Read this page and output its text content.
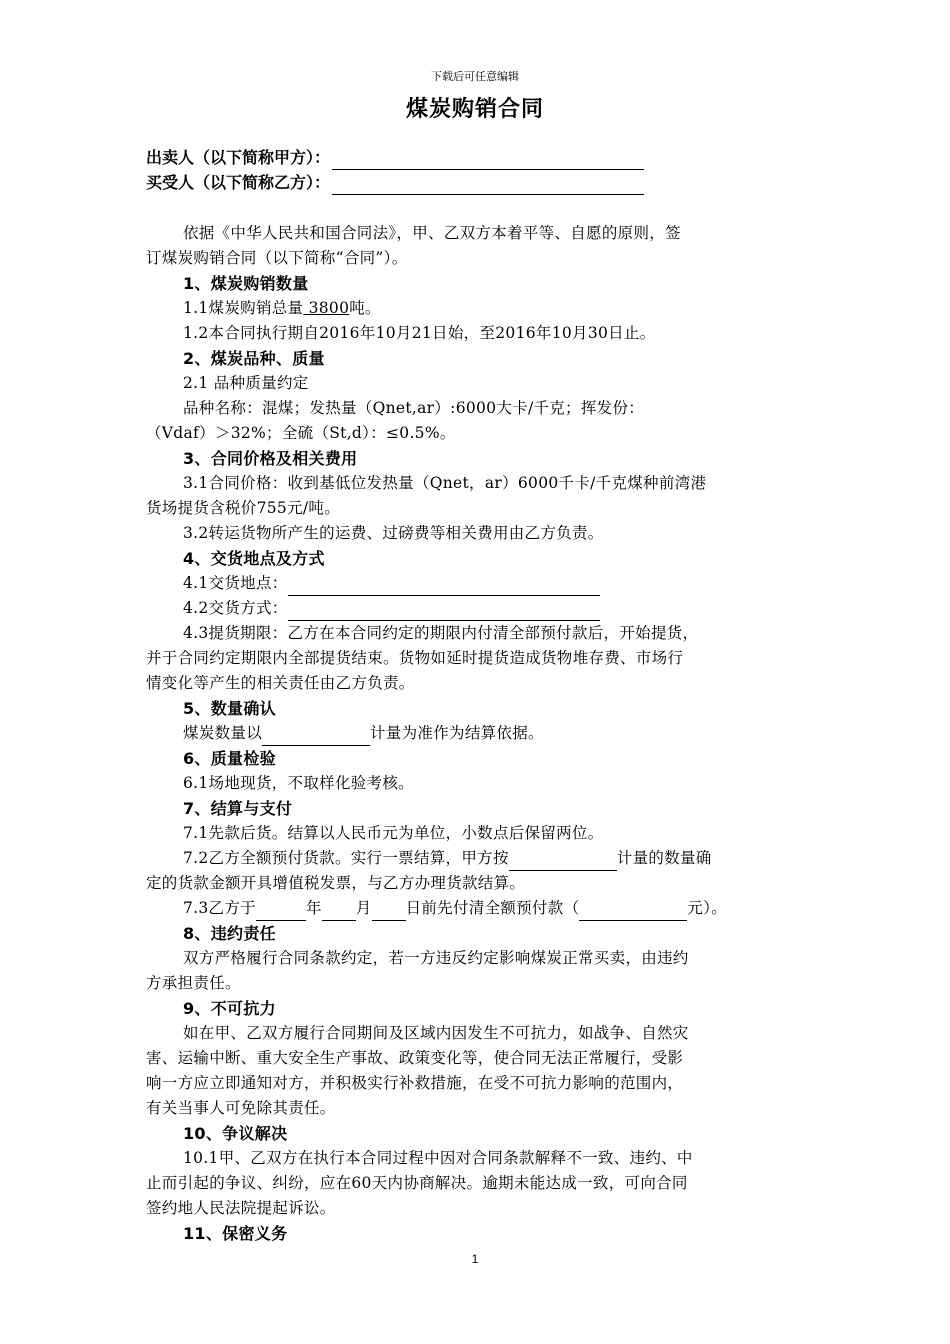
下载后可任意编辑
煤炭购销合同
出卖人（以下简称甲方）：
买受人（以下简称乙方）：
依据《中华人民共和国合同法》，甲、乙双方本着平等、自愿的原则，签
订煤炭购销合同（以下简称“合同”）。
1、煤炭购销数量
1.1煤炭购销总量 3800吨。
1.2本合同执行期自2016年10月21日始，至2016年10月30日止。
2、煤炭品种、质量
2.1 品种质量约定
品种名称：混煤；发热量（Qnet,ar）:6000大卡/千克；挥发份：
（Vdaf）＞32%；全硫（St,d）：≤0.5%。
3、合同价格及相关费用
3.1合同价格：收到基低位发热量（Qnet，ar）6000千卡/千克煤种前湾港
货场提货含税价755元/吨。
3.2转运货物所产生的运费、过磅费等相关费用由乙方负责。
4、交货地点及方式
4.1交货地点：
4.2交货方式：
4.3提货期限：乙方在本合同约定的期限内付清全部预付款后，开始提货，
并于合同约定期限内全部提货结束。货物如延时提货造成货物堆存费、市场行
情变化等产生的相关责任由乙方负责。
5、数量确认
煤炭数量以	计量为准作为结算依据。
6、质量检验
6.1场地现货，不取样化验考核。
7、结算与支付
7.1先款后货。结算以人民币元为单位，小数点后保留两位。
7.2乙方全额预付货款。实行一票结算，甲方按	计量的数量确
定的货款金额开具增值税发票，与乙方办理货款结算。
7.3乙方于	年 月 日前先付清全额预付款（	元）。
8、违约责任
双方严格履行合同条款约定，若一方违反约定影响煤炭正常买卖，由违约
方承担责任。
9、不可抗力
如在甲、乙双方履行合同期间及区域内因发生不可抗力，如战争、自然灾
害、运输中断、重大安全生产事故、政策变化等，使合同无法正常履行，受影
响一方应立即通知对方，并积极实行补救措施，在受不可抗力影响的范围内，
有关当事人可免除其责任。
10、争议解决
10.1甲、乙双方在执行本合同过程中因对合同条款解释不一致、违约、中
止而引起的争议、纠纷，应在60天内协商解决。逾期未能达成一致，可向合同
签约地人民法院提起诉讼。
11、保密义务
1
